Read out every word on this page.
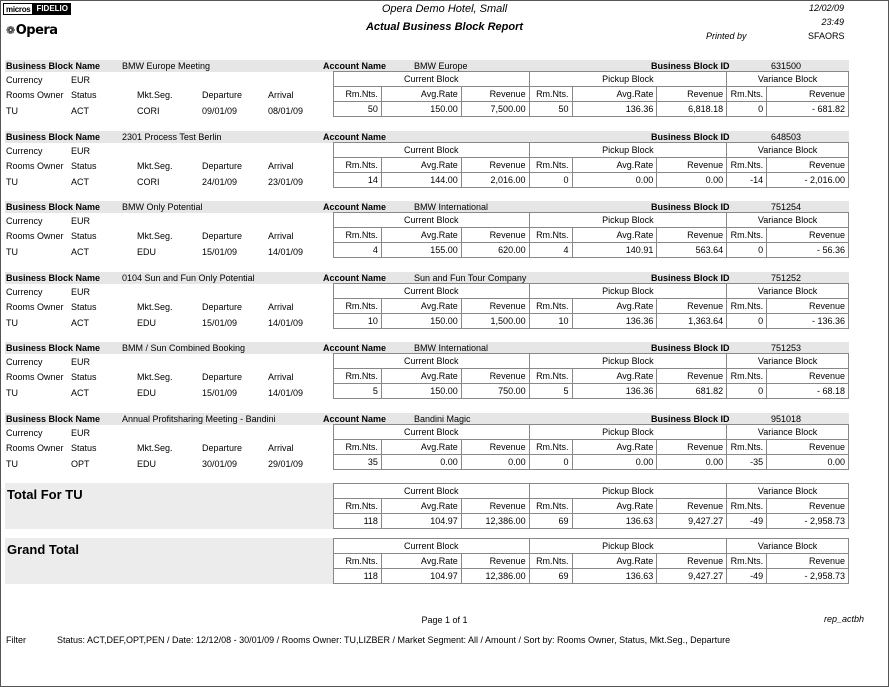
micros FIDELIO
❁Opera
Opera Demo Hotel, Small
Actual Business Block Report
12/02/09
23:49
Printed by	SFAORS
Business Block Name BMW Europe Meeting	Account Name	BMW Europe	Business Block ID	631500
Currency	EUR
Rooms Owner Status	Mkt.Seg.	Departure	Arrival
TU	ACT	CORI	09/01/09	08/01/09
Current Block			Pickup Block			Variance Block	
Rm.Nts.	Avg.Rate	Revenue	Rm.Nts.	Avg.Rate	Revenue	Rm.Nts.	Revenue
50	150.00	7,500.00	50	136.36	6,818.18	0	- 681.82
Business Block Name 2301 Process Test Berlin	Account Name	Business Block ID	648503
Currency	EUR
Rooms Owner Status	Mkt.Seg.	Departure	Arrival
TU	ACT	CORI	24/01/09	23/01/09
Current Block			Pickup Block			Variance Block	
Rm.Nts.	Avg.Rate	Revenue	Rm.Nts.	Avg.Rate	Revenue	Rm.Nts.	Revenue
14	144.00	2,016.00	0	0.00	0.00	-14	- 2,016.00
Business Block Name BMW Only Potential	Account Name	BMW International	Business Block ID	751254
Currency	EUR
Rooms Owner Status	Mkt.Seg.	Departure	Arrival
TU	ACT	EDU	15/01/09	14/01/09
Current Block			Pickup Block			Variance Block	
Rm.Nts.	Avg.Rate	Revenue	Rm.Nts.	Avg.Rate	Revenue	Rm.Nts.	Revenue
4	155.00	620.00	4	140.91	563.64	0	- 56.36
Business Block Name 0104 Sun and Fun Only Potential	Account Name	Sun and Fun Tour Company	Business Block ID	751252
Currency	EUR
Rooms Owner Status	Mkt.Seg.	Departure	Arrival
TU	ACT	EDU	15/01/09	14/01/09
Current Block			Pickup Block			Variance Block	
Rm.Nts.	Avg.Rate	Revenue	Rm.Nts.	Avg.Rate	Revenue	Rm.Nts.	Revenue
10	150.00	1,500.00	10	136.36	1,363.64	0	- 136.36
Business Block Name BMM / Sun Combined Booking	Account Name	BMW International	Business Block ID	751253
Currency	EUR
Rooms Owner Status	Mkt.Seg.	Departure	Arrival
TU	ACT	EDU	15/01/09	14/01/09
Current Block			Pickup Block			Variance Block	
Rm.Nts.	Avg.Rate	Revenue	Rm.Nts.	Avg.Rate	Revenue	Rm.Nts.	Revenue
5	150.00	750.00	5	136.36	681.82	0	- 68.18
Business Block Name Annual Profitsharing Meeting - Bandini	Account Name	Bandini Magic	Business Block ID	951018
Currency	EUR
Rooms Owner Status	Mkt.Seg.	Departure	Arrival
TU	OPT	EDU	30/01/09	29/01/09
Current Block			Pickup Block			Variance Block	
Rm.Nts.	Avg.Rate	Revenue	Rm.Nts.	Avg.Rate	Revenue	Rm.Nts.	Revenue
35	0.00	0.00	0	0.00	0.00	-35	0.00
Total For TU	Current Block			Pickup Block			Variance Block	
Rm.Nts.	Avg.Rate	Revenue	Rm.Nts.	Avg.Rate	Revenue	Rm.Nts.	Revenue
118	104.97	12,386.00	69	136.63	9,427.27	-49	- 2,958.73
Grand Total	Current Block			Pickup Block			Variance Block	
Rm.Nts.	Avg.Rate	Revenue	Rm.Nts.	Avg.Rate	Revenue	Rm.Nts.	Revenue
118	104.97	12,386.00	69	136.63	9,427.27	-49	- 2,958.73
Page 1 of 1	rep_actbh
Filter	Status: ACT,DEF,OPT,PEN / Date: 12/12/08 - 30/01/09 / Rooms Owner: TU,LIZBER / Market Segment: All / Amount / Sort by: Rooms Owner, Status, Mkt.Seg., Departure
